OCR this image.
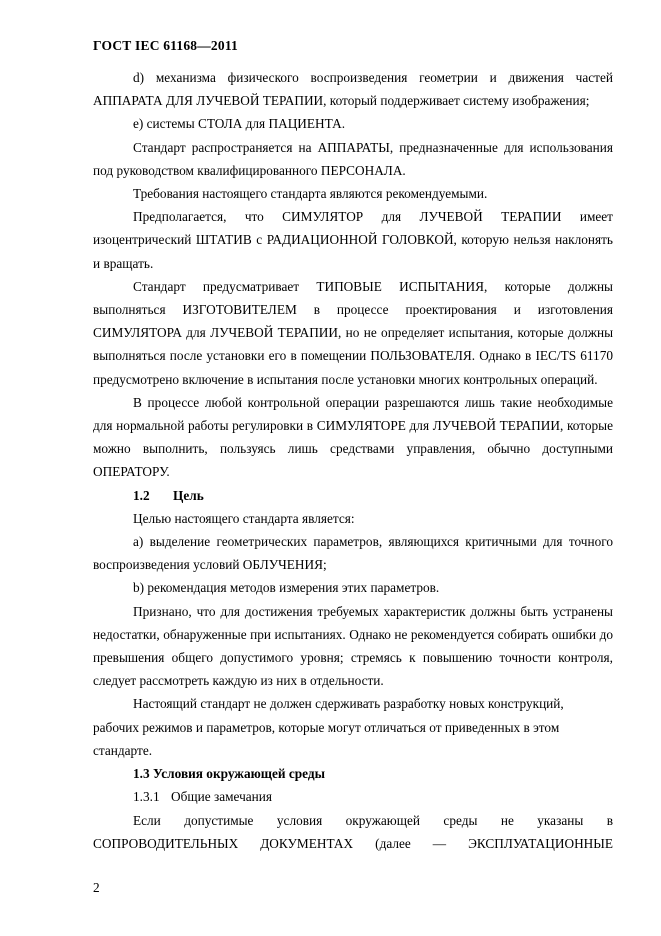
ГОСТ IEC 61168—2011

d) механизма физического воспроизведения геометрии и движения частей АППАРАТА ДЛЯ ЛУЧЕВОЙ ТЕРАПИИ, который поддерживает систему изображения;

e) системы СТОЛА для ПАЦИЕНТА.

Стандарт распространяется на АППАРАТЫ, предназначенные для использования под руководством квалифицированного ПЕРСОНАЛА.

Требования настоящего стандарта являются рекомендуемыми.

Предполагается, что СИМУЛЯТОР для ЛУЧЕВОЙ ТЕРАПИИ имеет изоцентрический ШТАТИВ с РАДИАЦИОННОЙ ГОЛОВКОЙ, которую нельзя наклонять и вращать.

Стандарт предусматривает ТИПОВЫЕ ИСПЫТАНИЯ, которые должны выполняться ИЗГОТОВИТЕЛЕМ в процессе проектирования и изготовления СИМУЛЯТОРА для ЛУЧЕВОЙ ТЕРАПИИ, но не определяет испытания, которые должны выполняться после установки его в помещении ПОЛЬЗОВАТЕЛЯ. Однако в IEC/TS 61170 предусмотрено включение в испытания после установки многих контрольных операций.

В процессе любой контрольной операции разрешаются лишь такие необходимые для нормальной работы регулировки в СИМУЛЯТОРЕ для ЛУЧЕВОЙ ТЕРАПИИ, которые можно выполнить, пользуясь лишь средствами управления, обычно доступными ОПЕРАТОРУ.

1.2 Цель

Целью настоящего стандарта является:

a) выделение геометрических параметров, являющихся критичными для точного воспроизведения условий ОБЛУЧЕНИЯ;

b) рекомендация методов измерения этих параметров.

Признано, что для достижения требуемых характеристик должны быть устранены недостатки, обнаруженные при испытаниях. Однако не рекомендуется собирать ошибки до превышения общего допустимого уровня; стремясь к повышению точности контроля, следует рассмотреть каждую из них в отдельности.

Настоящий стандарт не должен сдерживать разработку новых конструкций, рабочих режимов и параметров, которые могут отличаться от приведенных в этом стандарте.

1.3 Условия окружающей среды

1.3.1 Общие замечания

Если допустимые условия окружающей среды не указаны в СОПРОВОДИТЕЛЬНЫХ ДОКУМЕНТАХ (далее — ЭКСПЛУАТАЦИОННЫЕ

2
